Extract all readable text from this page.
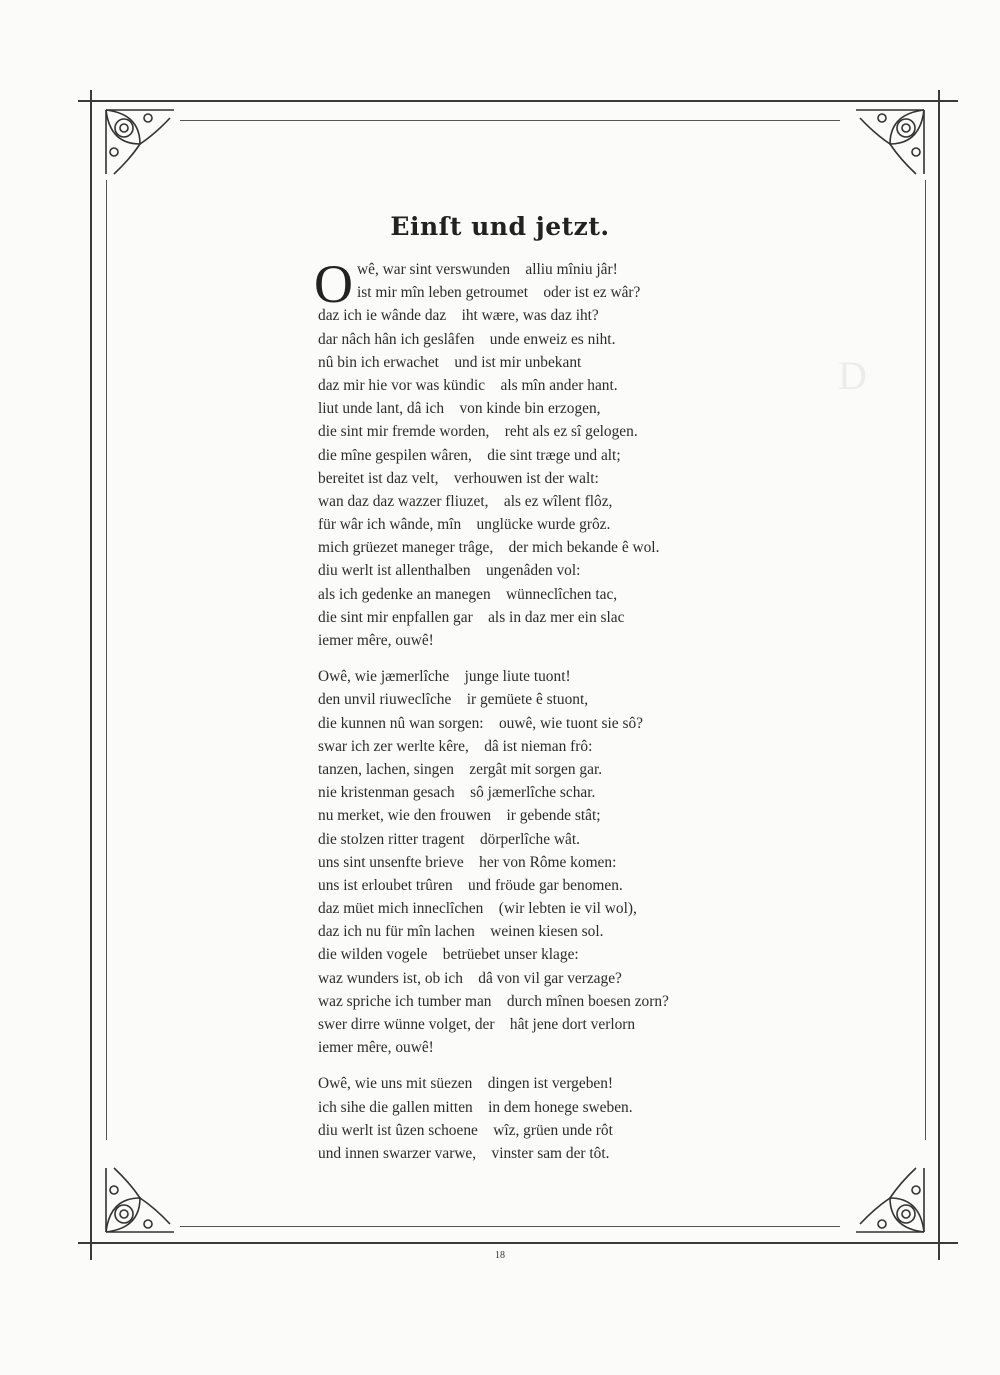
D
Einſt und jetzt.
O wê, war sint verswunden    alliu mîniu jâr!
ist mir mîn leben getroumet    oder ist ez wâr?
daz ich ie wânde daz    iht wære, was daz iht?
dar nâch hân ich geslâfen    unde enweiz es niht.
nû bin ich erwachet    und ist mir unbekant
daz mir hie vor was kündic    als mîn ander hant.
liut unde lant, dâ ich    von kinde bin erzogen,
die sint mir fremde worden,    reht als ez sî gelogen.
die mîne gespilen wâren,    die sint træge und alt;
bereitet ist daz velt,    verhouwen ist der walt:
wan daz daz wazzer fliuzet,    als ez wîlent flôz,
für wâr ich wânde, mîn    unglücke wurde grôz.
mich grüezet maneger trâge,    der mich bekande ê wol.
diu werlt ist allenthalben    ungenâden vol:
als ich gedenke an manegen    wünneclîchen tac,
die sint mir enpfallen gar    als in daz mer ein slac
iemer mêre, ouwê!
Owê, wie jæmerlîche    junge liute tuont!
den unvil riuweclîche    ir gemüete ê stuont,
die kunnen nû wan sorgen:    ouwê, wie tuont sie sô?
swar ich zer werlte kêre,    dâ ist nieman frô:
tanzen, lachen, singen    zergât mit sorgen gar.
nie kristenman gesach    sô jæmerlîche schar.
nu merket, wie den frouwen    ir gebende stât;
die stolzen ritter tragent    dörperlîche wât.
uns sint unsenfte brieve    her von Rôme komen:
uns ist erloubet trûren    und fröude gar benomen.
daz müet mich inneclîchen    (wir lebten ie vil wol),
daz ich nu für mîn lachen    weinen kiesen sol.
die wilden vogele    betrüebet unser klage:
waz wunders ist, ob ich    dâ von vil gar verzage?
waz spriche ich tumber man    durch mînen boesen zorn?
swer dirre wünne volget, der    hât jene dort verlorn
iemer mêre, ouwê!
Owê, wie uns mit süezen    dingen ist vergeben!
ich sihe die gallen mitten    in dem honege sweben.
diu werlt ist ûzen schoene    wîz, grüen unde rôt
und innen swarzer varwe,    vinster sam der tôt.
18
